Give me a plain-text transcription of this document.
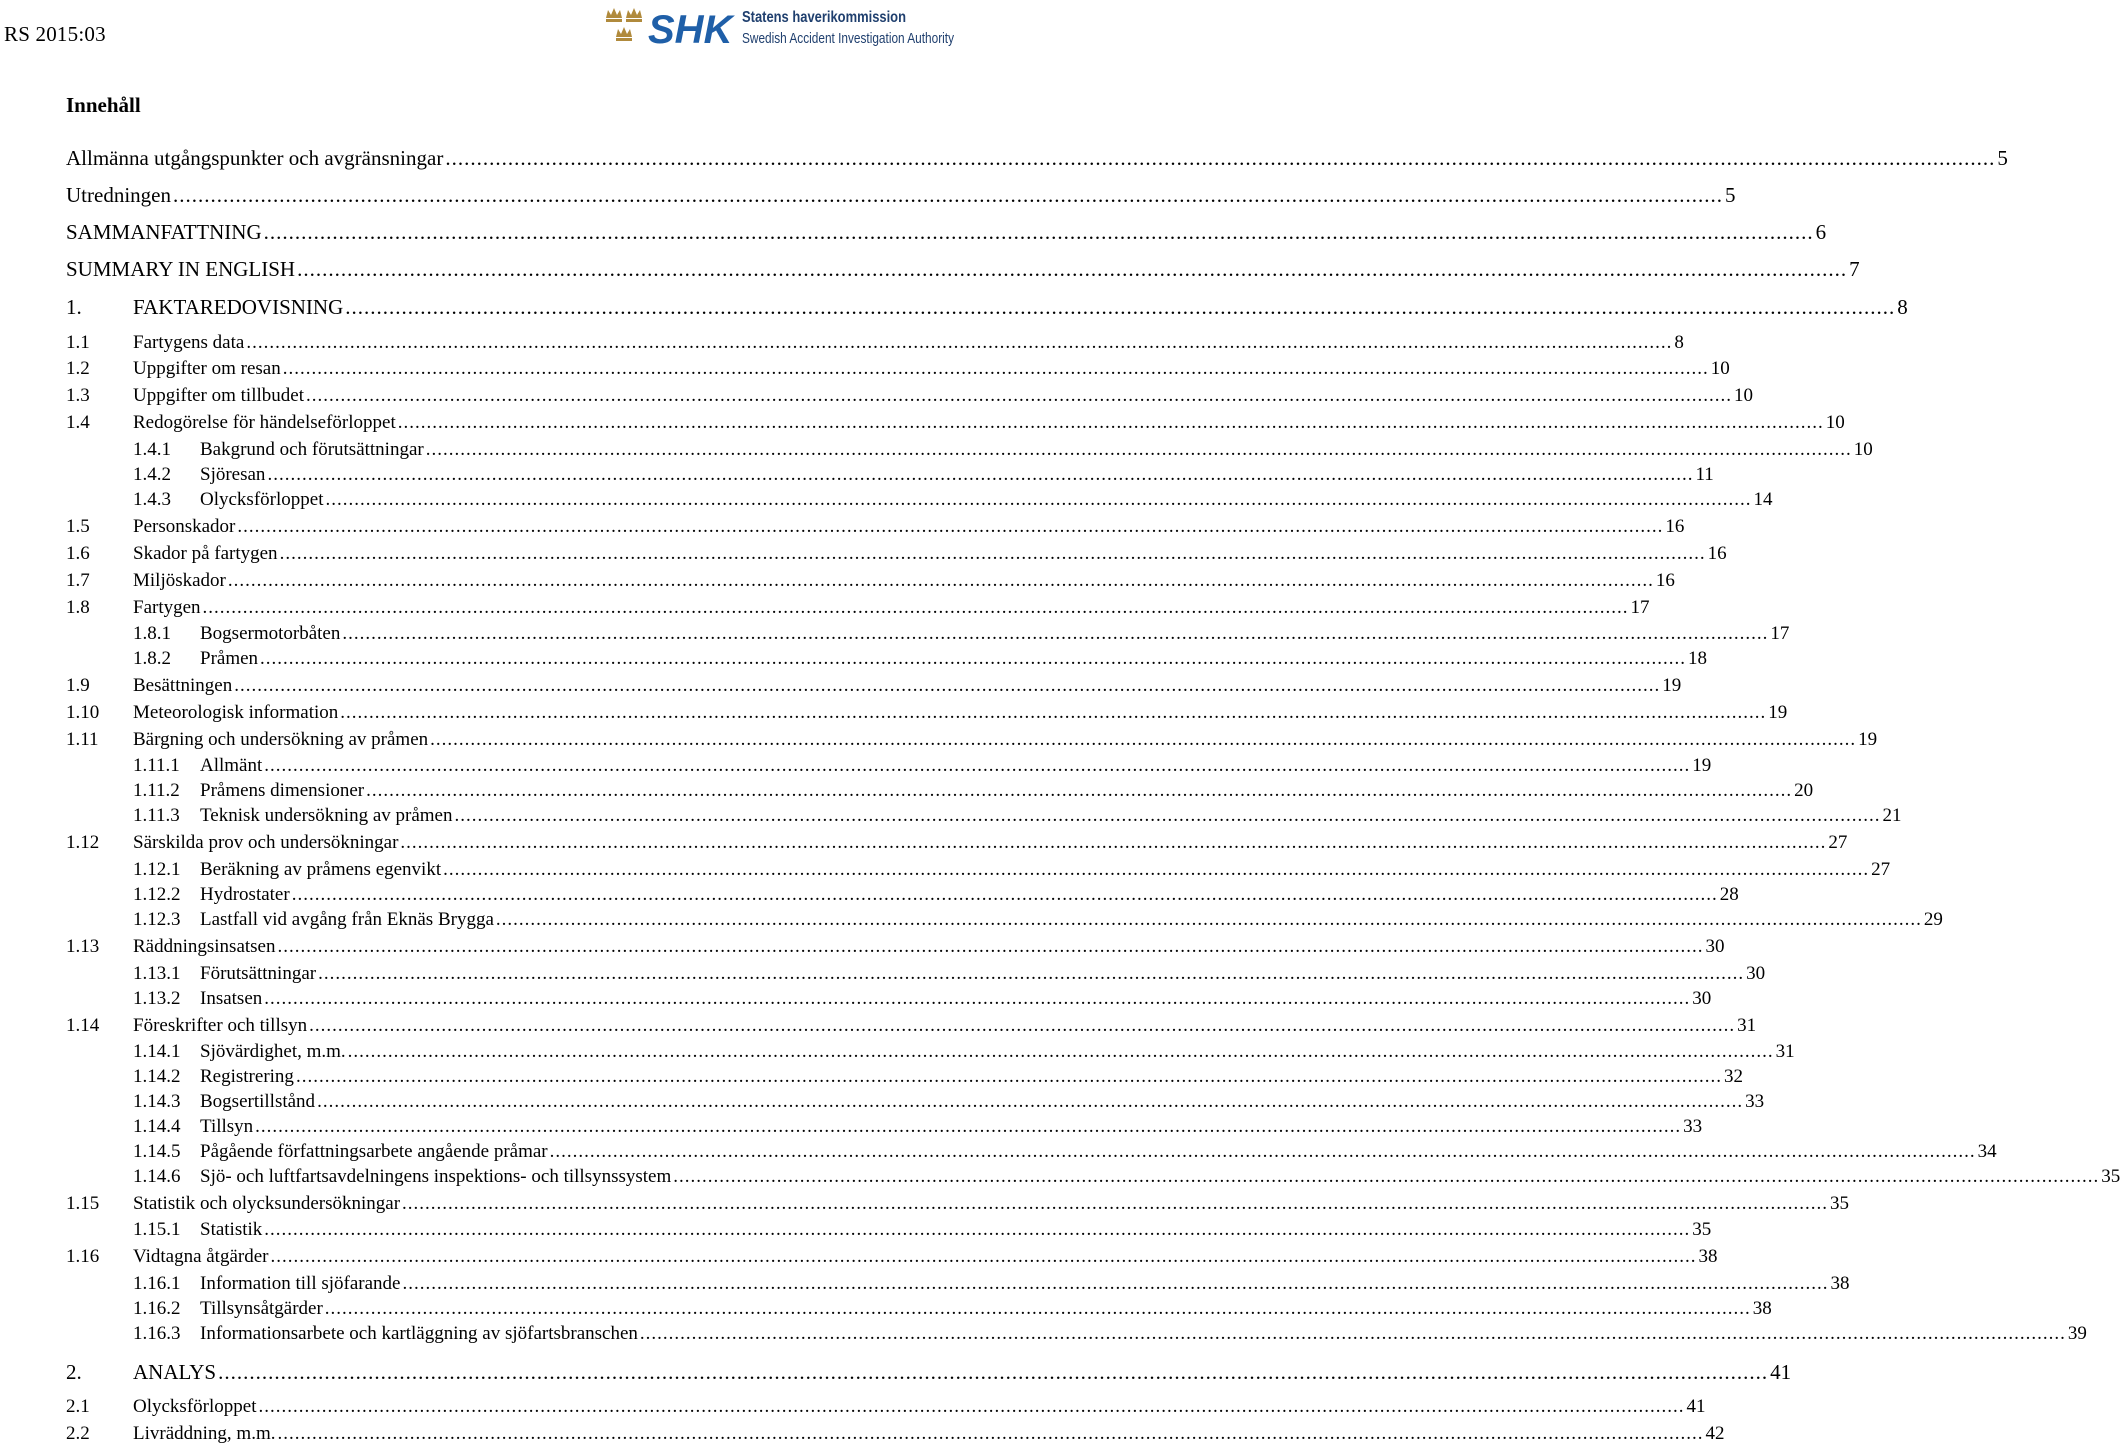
RS 2015:03	SHK Statens haverikommission
Swedish Accident Investigation Authority
Innehåll
Allmänna utgångspunkter och avgränsningar .....	5
Utredningen .....	5
SAMMANFATTNING .....	6
SUMMARY IN ENGLISH .....	7
1.	FAKTAREDOVISNING .....	8
1.1	Fartygens data .....	8
1.2	Uppgifter om resan .....	10
1.3	Uppgifter om tillbudet .....	10
1.4	Redogörelse för händelseförloppet .....	10
1.4.1	Bakgrund och förutsättningar .....	10
1.4.2	Sjöresan .....	11
1.4.3	Olycksförloppet .....	14
1.5	Personskador .....	16
1.6	Skador på fartygen .....	16
1.7	Miljöskador .....	16
1.8	Fartygen .....	17
1.8.1	Bogsermotorbåten .....	17
1.8.2	Pråmen .....	18
1.9	Besättningen .....	19
1.10	Meteorologisk information .....	19
1.11	Bärgning och undersökning av pråmen .....	19
1.11.1	Allmänt .....	19
1.11.2	Pråmens dimensioner .....	20
1.11.3	Teknisk undersökning av pråmen .....	21
1.12	Särskilda prov och undersökningar .....	27
1.12.1	Beräkning av pråmens egenvikt .....	27
1.12.2	Hydrostater .....	28
1.12.3	Lastfall vid avgång från Eknäs Brygga .....	29
1.13	Räddningsinsatsen .....	30
1.13.1	Förutsättningar .....	30
1.13.2	Insatsen .....	30
1.14	Föreskrifter och tillsyn .....	31
1.14.1	Sjövärdighet, m.m. .....	31
1.14.2	Registrering .....	32
1.14.3	Bogsertillstånd .....	33
1.14.4	Tillsyn .....	33
1.14.5	Pågående författningsarbete angående pråmar .....	34
1.14.6	Sjö- och luftfartsavdelningens inspektions- och tillsynssystem .....	35
1.15	Statistik och olycksundersökningar .....	35
1.15.1	Statistik .....	35
1.16	Vidtagna åtgärder .....	38
1.16.1	Information till sjöfarande .....	38
1.16.2	Tillsynsåtgärder .....	38
1.16.3	Informationsarbete och kartläggning av sjöfartsbranschen .....	39
2.	ANALYS .....	41
2.1	Olycksförloppet .....	41
2.2	Livräddning, m.m. .....	42
